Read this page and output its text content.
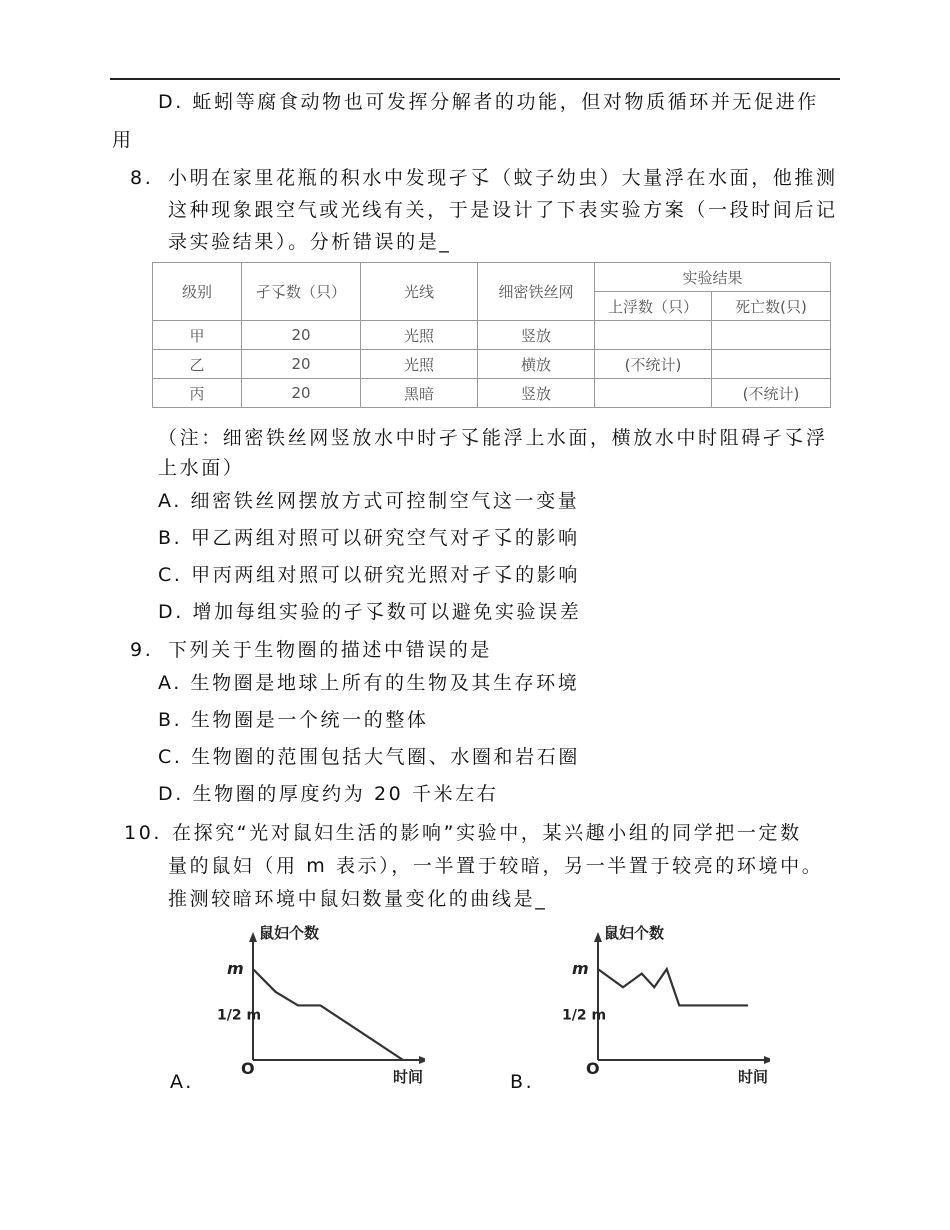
D. 蚯蚓等腐食动物也可发挥分解者的功能，但对物质循环并无促进作
用
8. 小明在家里花瓶的积水中发现孑孓（蚊子幼虫）大量浮在水面，他推测
这种现象跟空气或光线有关，于是设计了下表实验方案（一段时间后记
录实验结果）。分析错误的是_
级别	孑孓数（只）	光线	细密铁丝网	实验结果	
				上浮数（只）	死亡数(只)
甲	20	光照	竖放		
乙	20	光照	横放	(不统计)	
丙	20	黑暗	竖放		(不统计)
（注：细密铁丝网竖放水中时孑孓能浮上水面，横放水中时阻碍孑孓浮
上水面）
A. 细密铁丝网摆放方式可控制空气这一变量
B. 甲乙两组对照可以研究空气对孑孓的影响
C. 甲丙两组对照可以研究光照对孑孓的影响
D. 增加每组实验的孑孓数可以避免实验误差
9. 下列关于生物圈的描述中错误的是
A. 生物圈是地球上所有的生物及其生存环境
B. 生物圈是一个统一的整体
C. 生物圈的范围包括大气圈、水圈和岩石圈
D. 生物圈的厚度约为 20 千米左右
10. 在探究“光对鼠妇生活的影响”实验中，某兴趣小组的同学把一定数
量的鼠妇（用 m 表示），一半置于较暗，另一半置于较亮的环境中。
推测较暗环境中鼠妇数量变化的曲线是_
A.	B.
鼠妇个数
时间
O
m
1/2 m
鼠妇个数
时间
O
m
1/2 m
